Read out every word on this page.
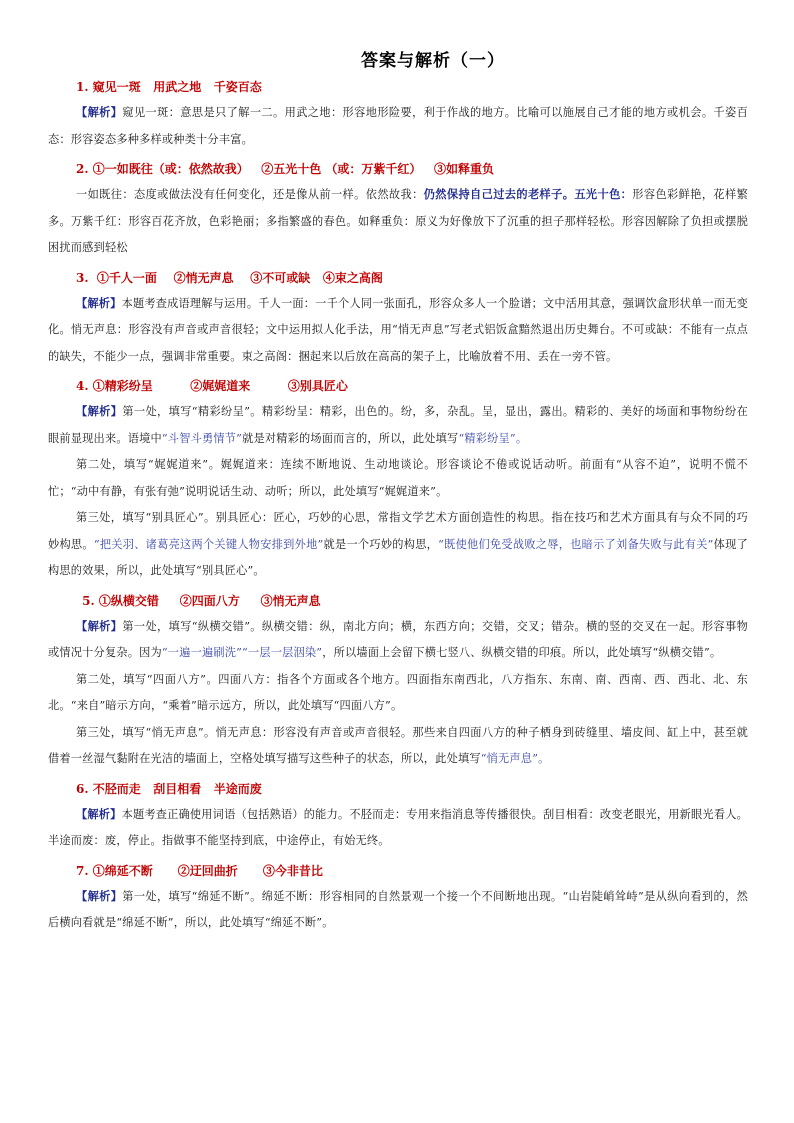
答案与解析（一）
1. 窥见一斑   用武之地   千姿百态
【解析】窥见一斑：意思是只了解一二。用武之地：形容地形险要，利于作战的地方。比喻可以施展自己才能的地方或机会。千姿百态：形容姿态多种多样或种类十分丰富。
2. ①一如既往（或：依然故我）   ②五光十色 （或：万紫千红）   ③如释重负
一如既往：态度或做法没有任何变化，还是像从前一样。依然故我：仍然保持自己过去的老样子。五光十色：形容色彩鲜艳，花样繁多。万紫千红：形容百花齐放，色彩艳丽；多指繁盛的春色。如释重负：原义为好像放下了沉重的担子那样轻松。形容因解除了负担或摆脱困扰而感到轻松
3.  ①千人一面    ②悄无声息    ③不可或缺   ④束之高阁
【解析】本题考查成语理解与运用。千人一面：一千个人同一张面孔，形容众多人一个脸谱；文中活用其意，强调饮盒形状单一而无变化。悄无声息：形容没有声音或声音很轻；文中运用拟人化手法，用“悄无声息”写老式铝饭盒黯然退出历史舞台。不可或缺：不能有一点点的缺失，不能少一点，强调非常重要。束之高阁：捆起来以后放在高高的架子上，比喻放着不用、丢在一旁不管。
4. ①精彩纷呈         ②娓娓道来         ③别具匠心
【解析】第一处，填写“精彩纷呈”。精彩纷呈：精彩，出色的。纷，多，杂乱。呈，显出，露出。精彩的、美好的场面和事物纷纷在眼前显现出来。语境中“斗智斗勇情节”就是对精彩的场面而言的，所以，此处填写“精彩纷呈”。
第二处，填写“娓娓道来”。娓娓道来：连续不断地说、生动地谈论。形容谈论不倦或说话动听。前面有“从容不迫”，说明不慌不忙；“动中有静，有张有弛”说明说话生动、动听；所以，此处填写“娓娓道来”。
第三处，填写“别具匠心”。别具匠心：匠心，巧妙的心思，常指文学艺术方面创造性的构思。指在技巧和艺术方面具有与众不同的巧妙构思。“把关羽、诸葛亮这两个关键人物安排到外地”就是一个巧妙的构思，“既使他们免受战败之辱，也暗示了刘备失败与此有关”体现了构思的效果，所以，此处填写“别具匠心”。
5. ①纵横交错     ②四面八方     ③悄无声息
【解析】第一处，填写“纵横交错”。纵横交错：纵，南北方向；横，东西方向；交错，交叉；错杂。横的竖的交叉在一起。形容事物或情况十分复杂。因为“一遍一遍刷洗”“一层一层洇染”，所以墙面上会留下横七竖八、纵横交错的印痕。所以，此处填写“纵横交错”。
第二处，填写“四面八方”。四面八方：指各个方面或各个地方。四面指东南西北，八方指东、东南、南、西南、西、西北、北、东北。“来自”暗示方向，“乘着”暗示远方，所以，此处填写“四面八方”。
第三处，填写“悄无声息”。悄无声息：形容没有声音或声音很轻。那些来自四面八方的种子栖身到砖缝里、墙皮间、缸上中，甚至就借着一丝湿气黏附在光洁的墙面上，空格处填写描写这些种子的状态，所以，此处填写“悄无声息”。
6. 不胫而走   刮目相看   半途而废
【解析】本题考查正确使用词语（包括熟语）的能力。不胫而走：专用来指消息等传播很快。刮目相看：改变老眼光，用新眼光看人。半途而废：废，停止。指做事不能坚持到底，中途停止，有始无终。
7. ①绵延不断      ②迂回曲折      ③今非昔比
【解析】第一处，填写“绵延不断”。绵延不断：形容相同的自然景观一个接一个不间断地出现。“山岩陡峭耸峙”是从纵向看到的，然后横向看就是“绵延不断”，所以，此处填写“绵延不断”。
